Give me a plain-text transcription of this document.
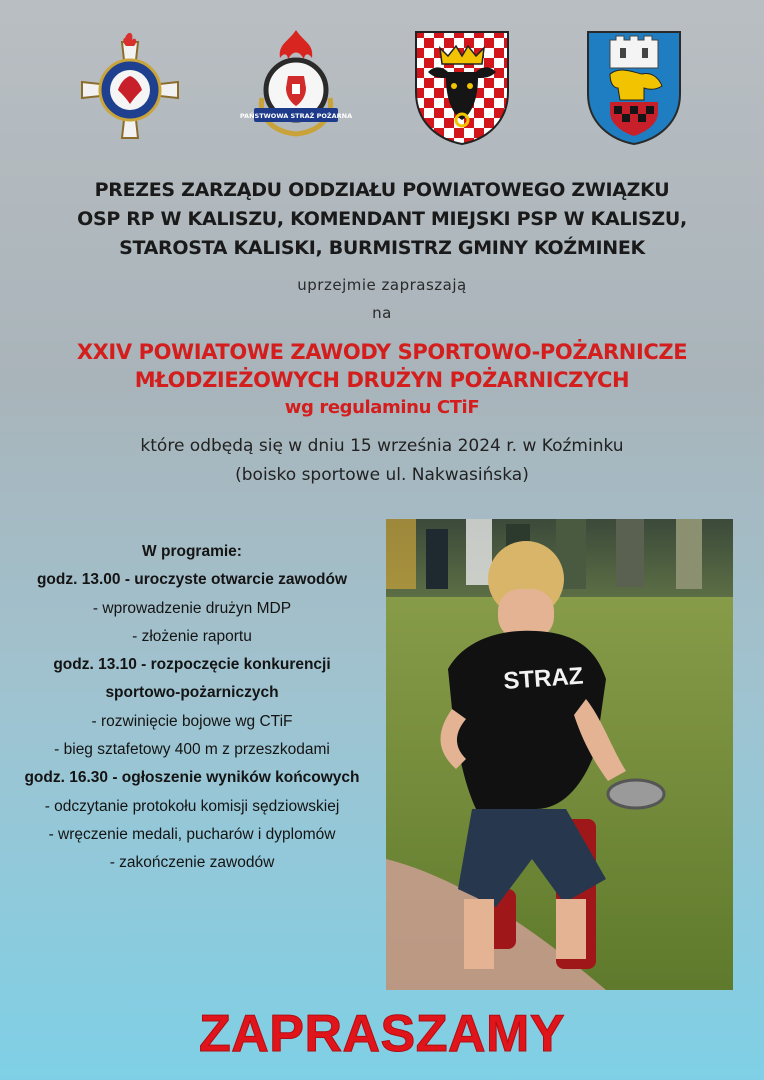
PAŃSTWOWA STRAŻ POŻARNA
PREZES ZARZĄDU ODDZIAŁU POWIATOWEGO ZWIĄZKU
OSP RP W KALISZU, KOMENDANT MIEJSKI PSP W KALISZU,
STAROSTA KALISKI, BURMISTRZ GMINY KOŹMINEK
uprzejmie zapraszają
na
XXIV POWIATOWE ZAWODY SPORTOWO-POŻARNICZE
MŁODZIEŻOWYCH DRUŻYN POŻARNICZYCH
wg regulaminu CTiF
które odbędą się w dniu 15 września 2024 r. w Koźminku
(boisko sportowe ul. Nakwasińska)
W programie:
godz. 13.00 - uroczyste otwarcie zawodów
- wprowadzenie drużyn MDP
- złożenie raportu
godz. 13.10 - rozpoczęcie konkurencji
sportowo-pożarniczych
- rozwinięcie bojowe wg CTiF
- bieg sztafetowy 400 m z przeszkodami
godz. 16.30 - ogłoszenie wyników końcowych
- odczytanie protokołu komisji sędziowskiej
- wręczenie medali, pucharów i dyplomów
- zakończenie zawodów
STRAZ
ZAPRASZAMY
